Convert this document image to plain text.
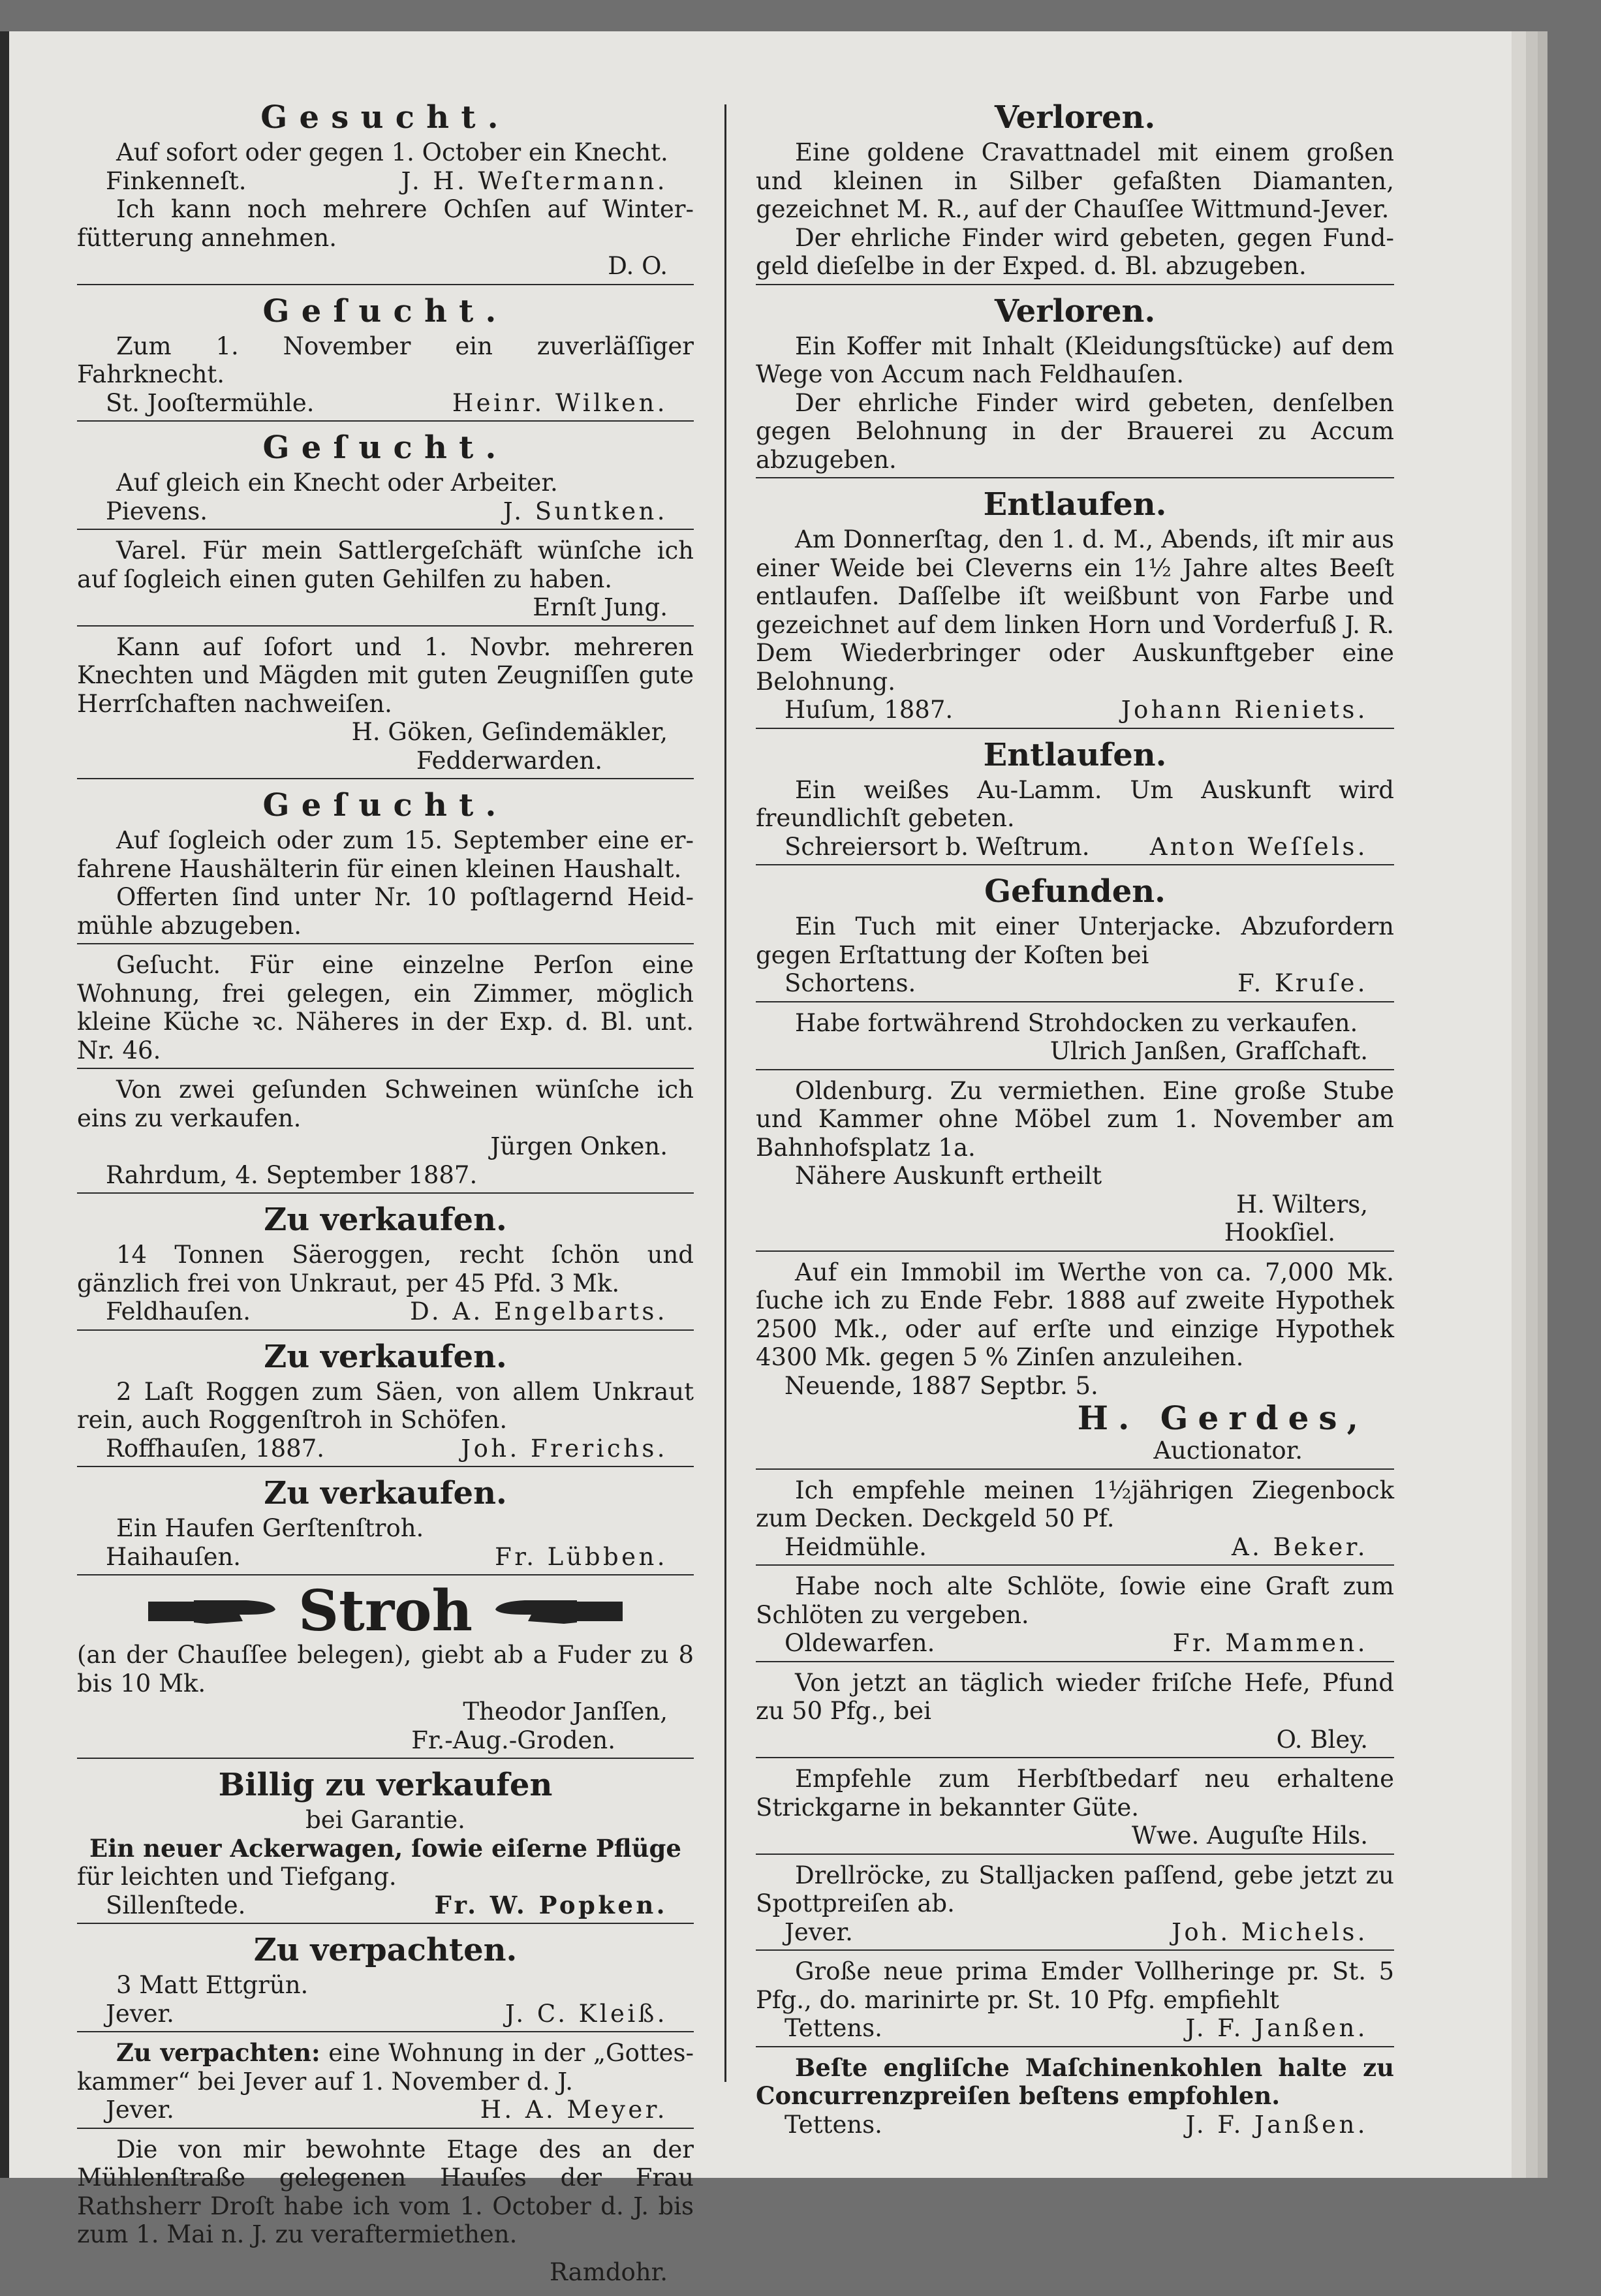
Gesucht.

Auf sofort oder gegen 1. October ein Knecht.

Finkenneſt.	J. H. Weſtermann.

Ich kann noch mehrere Ochſen auf Winterfütterung annehmen.

D. O.
Geſucht.

Zum 1. November ein zuverläſſiger Fahrknecht.

St. Jooſtermühle.	Heinr. Wilken.
Geſucht.

Auf gleich ein Knecht oder Arbeiter.

Pievens.	J. Suntken.

Varel. Für mein Sattlergeſchäft wünſche ich auf ſogleich einen guten Gehilfen zu haben.

Ernſt Jung.

Kann auf ſofort und 1. Novbr. mehreren Knechten und Mägden mit guten Zeugniſſen gute Herrſchaften nachweiſen.

H. Göken, Geſindemäkler,
Fedderwarden.
Geſucht.

Auf ſogleich oder zum 15. September eine erfahrene Haushälterin für einen kleinen Haushalt.

Offerten ſind unter Nr. 10 poſtlagernd Heidmühle abzugeben.

Geſucht. Für eine einzelne Perſon eine Wohnung, frei gelegen, ein Zimmer, möglich kleine Küche ꝛc. Näheres in der Exp. d. Bl. unt. Nr. 46.

Von zwei geſunden Schweinen wünſche ich eins zu verkaufen.

Jürgen Onken.
Rahrdum, 4. September 1887.
Zu verkaufen.

14 Tonnen Säeroggen, recht ſchön und gänzlich frei von Unkraut, per 45 Pfd. 3 Mk.

Feldhauſen.	D. A. Engelbarts.
Zu verkaufen.

2 Laſt Roggen zum Säen, von allem Unkraut rein, auch Roggenſtroh in Schöfen.

Roffhauſen, 1887.	Joh. Frerichs.
Zu verkaufen.

Ein Haufen Gerſtenſtroh.

Haihauſen.	Fr. Lübben.
Stroh

(an der Chauſſee belegen), giebt ab a Fuder zu 8 bis 10 Mk.

Theodor Janſſen,
Fr.-Aug.-Groden.
Billig zu verkaufen
bei Garantie.
Ein neuer Ackerwagen, ſowie eiſerne Pflüge

für leichten und Tiefgang.

Sillenſtede.	Fr. W. Popken.
Zu verpachten.

3 Matt Ettgrün.

Jever.	J. C. Kleiß.

Zu verpachten: eine Wohnung in der „Gotteskammer“ bei Jever auf 1. November d. J.

Jever.	H. A. Meyer.

Die von mir bewohnte Etage des an der Mühlenſtraße gelegenen Hauſes der Frau Rathsherr Droſt habe ich vom 1. October d. J. bis zum 1. Mai n. J. zu veraftermiethen.

Ramdohr.
Verloren.

Eine goldene Cravattnadel mit einem großen und kleinen in Silber gefaßten Diamanten, gezeichnet M. R., auf der Chauſſee Wittmund-Jever.

Der ehrliche Finder wird gebeten, gegen Fundgeld dieſelbe in der Exped. d. Bl. abzugeben.

Verloren.

Ein Koffer mit Inhalt (Kleidungsſtücke) auf dem Wege von Accum nach Feldhauſen.

Der ehrliche Finder wird gebeten, denſelben gegen Belohnung in der Brauerei zu Accum abzugeben.

Entlaufen.

Am Donnerſtag, den 1. d. M., Abends, iſt mir aus einer Weide bei Cleverns ein 1½ Jahre altes Beeſt entlaufen. Daſſelbe iſt weißbunt von Farbe und gezeichnet auf dem linken Horn und Vorderfuß J. R. Dem Wiederbringer oder Auskunftgeber eine Belohnung.

Huſum, 1887.	Johann Rieniets.
Entlaufen.

Ein weißes Au-Lamm. Um Auskunft wird freundlichſt gebeten.

Schreiersort b. Weſtrum. Anton Weſſels.
Gefunden.

Ein Tuch mit einer Unterjacke. Abzufordern gegen Erſtattung der Koſten bei

Schortens.	F. Kruſe.

Habe fortwährend Strohdocken zu verkaufen.

Ulrich Janßen, Grafſchaft.

Oldenburg. Zu vermiethen. Eine große Stube und Kammer ohne Möbel zum 1. November am Bahnhofsplatz 1a.

Nähere Auskunft ertheilt

H. Wilters,
Hookſiel.

Auf ein Immobil im Werthe von ca. 7,000 Mk. ſuche ich zu Ende Febr. 1888 auf zweite Hypothek 2500 Mk., oder auf erſte und einzige Hypothek 4300 Mk. gegen 5 % Zinſen anzuleihen.

Neuende, 1887 Septbr. 5.
H. Gerdes,
Auctionator.

Ich empfehle meinen 1½jährigen Ziegenbock zum Decken. Deckgeld 50 Pf.

Heidmühle.	A. Beker.

Habe noch alte Schlöte, ſowie eine Graft zum Schlöten zu vergeben.

Oldewarfen.	Fr. Mammen.

Von jetzt an täglich wieder friſche Hefe, Pfund zu 50 Pfg., bei

O. Bley.

Empfehle zum Herbſtbedarf neu erhaltene Strickgarne in bekannter Güte.

Wwe. Auguſte Hils.

Drellröcke, zu Stalljacken paſſend, gebe jetzt zu Spottpreiſen ab.

Jever.	Joh. Michels.

Große neue prima Emder Vollheringe pr. St. 5 Pfg., do. marinirte pr. St. 10 Pfg. empfiehlt

Tettens.	J. F. Janßen.

Beſte engliſche Maſchinenkohlen halte zu Concurrenzpreiſen beſtens empfohlen.

Tettens.	J. F. Janßen.
